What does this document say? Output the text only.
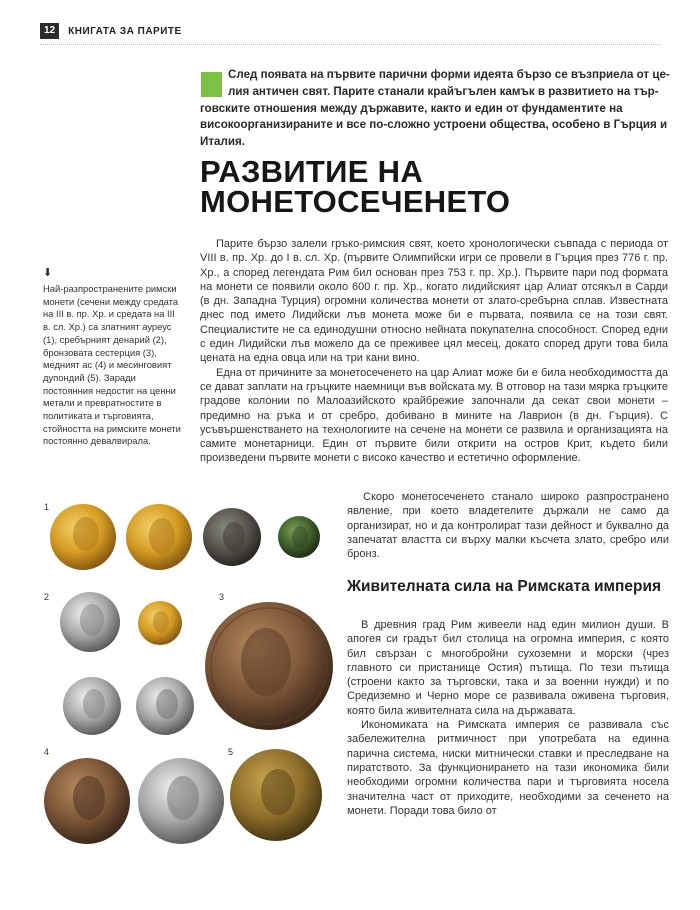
12	КНИГАТА ЗА ПАРИТЕ
След появата на първите парични форми идеята бързо се възприела от це-
лия античен свят. Парите станали крайъгълен камък в развитието на тър-
говските отношения между държавите, както и един от фундаментите на високоорганизираните и все по-сложно устроени общества, особено в Гърция и Италия.
РАЗВИТИЕ НА
МОНЕТОСЕЧЕНЕТО

Парите бързо залели гръко-римския свят, което хронологически съвпада с периода от VIII в. пр. Хр. до I в. сл. Хр. (първите Олимпийски игри се провели в Гърция през 776 г. пр. Хр., а според легендата Рим бил основан през 753 г. пр. Хр.). Първите пари под формата на монети се появили около 600 г. пр. Хр., когато лидийският цар Алиат отсякъл в Сарди (в дн. Западна Турция) огромни количества монети от злато-сребърна сплав. Известната днес под името Лидийски лъв монета може би е първата, появила се на този свят. Специалистите не са единодушни относно нейната покупателна способност. Според едни с един Лидийски лъв можело да се преживее цял месец, докато според други това била цената на една овца или на три кани вино.

Една от причините за монетосеченето на цар Алиат може би е била необходимостта да се дават заплати на гръцките наемници във войската му. В отговор на тази мярка гръцките градове колонии по Малоазийското крайбрежие започнали да секат свои монети – предимно на ръка и от сребро, добивано в мините на Лаврион (в дн. Гърция). С усъвършенстването на технологиите на сечене на монети се развила и организацията на самите монетарници. Един от първите били открити на остров Крит, където били произведени първите монети с високо качество и естетично оформление.

⬇
Най-разпространените римски монети (сечени между средата на III в. пр. Хр. и средата на III в. сл. Хр.) са златният ауреус (1), сребърният денарий (2), бронзовата сестерция (3), медният ас (4) и месинговият дупондий (5). Заради постоянния недостиг на ценни метали и превратностите в политиката и търговията, стойността на римските монети постоянно девалвирала.

Скоро монетосеченето станало широко разпространено явление, при което владетелите държали не само да организират, но и да контролират тази дейност и буквално да запечатат властта си върху малки късчета злато, сребро или бронз.

Живителната сила на Римската империя

В древния град Рим живеели над един милион души. В апогея си градът бил столица на огромна империя, с която бил свързан с многобройни сухоземни и морски (чрез главното си пристанище Остия) пътища. По тези пътища (строени както за търговски, така и за военни нужди) и по Средиземно и Черно море се развивала оживена търговия, която била живителната сила на държавата.

Икономиката на Римската империя се развивала със забележителна ритмичност при употребата на единна парична система, ниски митнически ставки и преследване на пиратството. За функционирането на тази икономика били необходими огромни количества пари и търговията носела значителна част от приходите, необходими за сеченето на монети. Поради това било от

1
2	3
4	5
